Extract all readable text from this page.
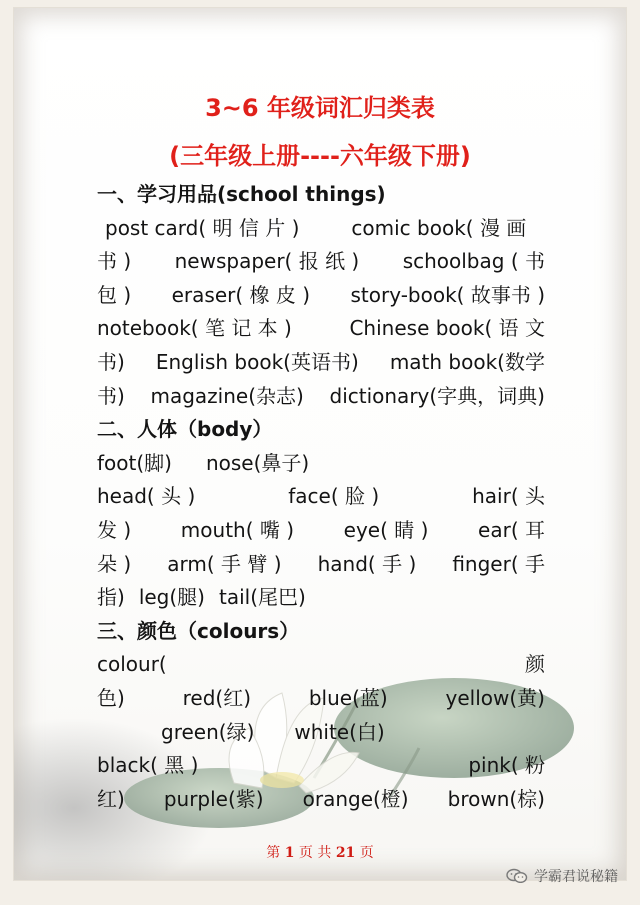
3~6 年级词汇归类表
(三年级上册----六年级下册)
一、学习用品(school things)
post card( 明 信 片 )	comic book( 漫 画
书 ) newspaper( 报 纸 ) schoolbag ( 书
包 ) eraser( 橡 皮 ) story-book( 故事书 )
notebook( 笔 记 本 )	Chinese book( 语 文
书) English book(英语书) math book(数学
书) magazine(杂志) dictionary(字典，词典)
二、人体（body）
foot(脚) nose(鼻子)
head( 头 )	face( 脸 )	hair( 头
发 ) mouth( 嘴 ) eye( 睛 ) ear( 耳
朵 ) arm( 手 臂 ) hand( 手 ) finger( 手
指) leg(腿) tail(尾巴)
三、颜色（colours）
colour(	颜
色)	red(红)	blue(蓝)	yellow(黄)
green(绿) white(白)
black( 黑 )	pink( 粉
红) purple(紫) orange(橙) brown(棕)
第 1 页 共 21 页
学霸君说秘籍
